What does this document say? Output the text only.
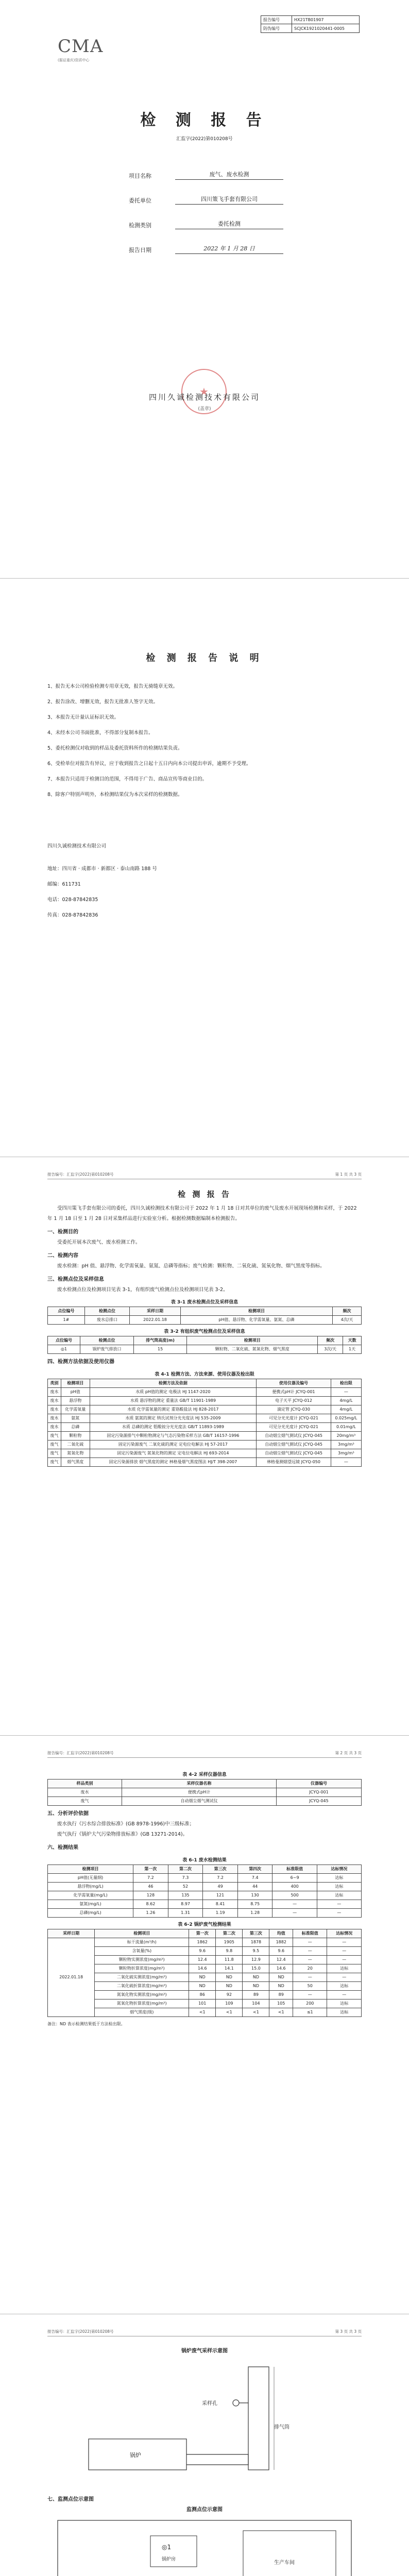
报告编号	HX21TB01907
防伪编号	SCJCK1921020441-0005
CMA
(据证重庆)资质中心
检 测 报 告
汇监字(2022)第010208号
项目名称	废气、废水检测
委托单位	四川策飞手套有限公司
检测类别	委托检测
报告日期	2022 年 1 月 28 日
★
四川久诚检测技术有限公司
(盖章)
检 测 报 告 说 明
1、报告无本公司检验检测专用章无效，报告无骑缝章无效。
2、报告涂改、增删无效，报告无批准人签字无效。
3、本报告无计量认证标识无效。
4、未经本公司书面批准，不得部分复制本报告。
5、委托检测仅对收到的样品及委托资料所作的检测结果负责。
6、受检单位对报告有异议，应于收到报告之日起十五日内向本公司提出申诉，逾期不予受理。
7、本报告只适用于检测目的范围，不得用于广告、商品宣传等商业目的。
8、除客户特别声明外，本检测结果仅为本次采样的检测数据。
四川久诚检测技术有限公司
地址：四川省 · 成都市 · 新都区 · 泰山南路 188 号
邮编：611731
电话：028-87842835
传真：028-87842836
报告编号：汇监字(2022)第010208号	第 1 页 共 3 页
检 测 报 告

受四川策飞手套有限公司的委托，四川久诚检测技术有限公司于 2022 年 1 月 18 日对其单位的废气及废水开展现场检测和采样，于 2022 年 1 月 18 日至 1 月 28 日对采集样品进行实验室分析。根据检测数据编制本检测报告。

一、检测目的

受委托开展本次废气、废水检测工作。

二、检测内容

废水检测：pH 值、悬浮物、化学需氧量、氨氮、总磷等指标；废气检测：颗粒物、二氧化硫、氮氧化物、烟气黑度等指标。

三、检测点位及采样信息

废水检测点位及检测项目见表 3-1，有组织废气检测点位及检测项目见表 3-2。

表 3-1 废水检测点位及采样信息
点位编号	检测点位	采样日期	检测项目	频次
1#	废水总排口	2022.01.18	pH值、悬浮物、化学需氧量、氨氮、总磷	4次/天
表 3-2 有组织废气检测点位及采样信息
点位编号	检测点位	排气筒高度(m)	检测项目	频次	天数
◎1	锅炉废气排放口	15	颗粒物、二氧化硫、氮氧化物、烟气黑度	3次/天	1天
四、检测方法依据及使用仪器
表 4-1 检测方法、方法来源、使用仪器及检出限
类别	检测项目	检测方法及依据	使用仪器及编号	检出限
废水	pH值	水质 pH值的测定 电极法 HJ 1147-2020	便携式pH计 JCYQ-001	—
废水	悬浮物	水质 悬浮物的测定 重量法 GB/T 11901-1989	电子天平 JCYQ-012	4mg/L
废水	化学需氧量	水质 化学需氧量的测定 重铬酸盐法 HJ 828-2017	滴定管 JCYQ-030	4mg/L
废水	氨氮	水质 氨氮的测定 纳氏试剂分光光度法 HJ 535-2009	可见分光光度计 JCYQ-021	0.025mg/L
废水	总磷	水质 总磷的测定 钼酸铵分光光度法 GB/T 11893-1989	可见分光光度计 JCYQ-021	0.01mg/L
废气	颗粒物	固定污染源排气中颗粒物测定与气态污染物采样方法 GB/T 16157-1996	自动烟尘烟气测试仪 JCYQ-045	20mg/m³
废气	二氧化硫	固定污染源废气 二氧化硫的测定 定电位电解法 HJ 57-2017	自动烟尘烟气测试仪 JCYQ-045	3mg/m³
废气	氮氧化物	固定污染源废气 氮氧化物的测定 定电位电解法 HJ 693-2014	自动烟尘烟气测试仪 JCYQ-045	3mg/m³
废气	烟气黑度	固定污染源排放 烟气黑度的测定 林格曼烟气黑度图法 HJ/T 398-2007	林格曼测烟望远镜 JCYQ-050	—
报告编号：汇监字(2022)第010208号	第 2 页 共 3 页
表 4-2 采样仪器信息
样品类别	采样仪器名称	仪器编号
废水	便携式pH计	JCYQ-001
废气	自动烟尘烟气测试仪	JCYQ-045
五、分析评价依据

废水执行《污水综合排放标准》(GB 8978-1996)中三级标准；

废气执行《锅炉大气污染物排放标准》(GB 13271-2014)。

六、检测结果
表 6-1 废水检测结果
检测项目	第一次	第二次	第三次	第四次	标准限值	达标情况
pH值(无量纲)	7.2	7.3	7.2	7.4	6~9	达标
悬浮物(mg/L)	46	52	49	44	400	达标
化学需氧量(mg/L)	128	135	121	130	500	达标
氨氮(mg/L)	8.62	8.97	8.41	8.75	—	—
总磷(mg/L)	1.26	1.31	1.19	1.28	—	—
表 6-2 锅炉废气检测结果
采样日期	检测项目	第一次	第二次	第三次	均值	标准限值	达标情况
2022.01.18	标干流量(m³/h)	1862	1905	1878	1882	—	—
	含氧量(%)	9.6	9.8	9.5	9.6	—	—
	颗粒物实测浓度(mg/m³)	12.4	11.8	12.9	12.4	—	—
	颗粒物折算浓度(mg/m³)	14.6	14.1	15.0	14.6	20	达标
	二氧化硫实测浓度(mg/m³)	ND	ND	ND	ND	—	—
	二氧化硫折算浓度(mg/m³)	ND	ND	ND	ND	50	达标
	氮氧化物实测浓度(mg/m³)	86	92	89	89	—	—
	氮氧化物折算浓度(mg/m³)	101	109	104	105	200	达标
	烟气黑度(级)	<1	<1	<1	<1	≤1	达标

备注：ND 表示检测结果低于方法检出限。

报告编号：汇监字(2022)第010208号	第 3 页 共 3 页
锅炉废气采样示意图
采样孔
锅炉
排气筒
七、监测点位示意图
监测点位示意图
◎1
锅炉房
生产车间
